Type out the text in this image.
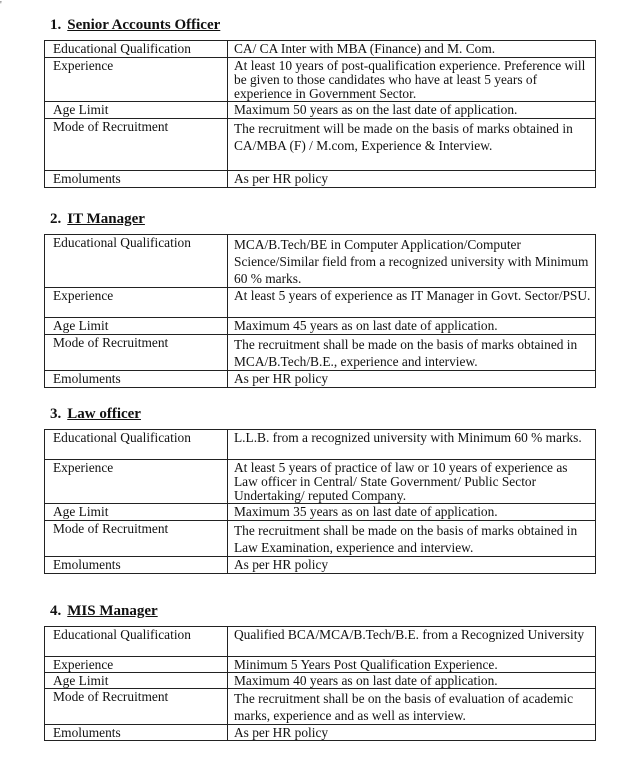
'
1. Senior Accounts Officer
Educational Qualification	CA/ CA Inter with MBA (Finance) and M. Com.
Experience	At least 10 years of post-qualification experience. Preference will be given to those candidates who have at least 5 years of experience in Government Sector.
Age Limit	Maximum 50 years as on the last date of application.
Mode of Recruitment	The recruitment will be made on the basis of marks obtained in CA/MBA (F) / M.com, Experience & Interview.
Emoluments	As per HR policy
2. IT Manager
Educational Qualification	MCA/B.Tech/BE in Computer Application/Computer Science/Similar field from a recognized university with Minimum 60 % marks.
Experience	At least 5 years of experience as IT Manager in Govt. Sector/PSU.
Age Limit	Maximum 45 years as on last date of application.
Mode of Recruitment	The recruitment shall be made on the basis of marks obtained in MCA/B.Tech/B.E., experience and interview.
Emoluments	As per HR policy
3. Law officer
Educational Qualification	L.L.B. from a recognized university with Minimum 60 % marks.
Experience	At least 5 years of practice of law or 10 years of experience as Law officer in Central/ State Government/ Public Sector Undertaking/ reputed Company.
Age Limit	Maximum 35 years as on last date of application.
Mode of Recruitment	The recruitment shall be made on the basis of marks obtained in Law Examination, experience and interview.
Emoluments	As per HR policy
4. MIS Manager
Educational Qualification	Qualified BCA/MCA/B.Tech/B.E. from a Recognized University
Experience	Minimum 5 Years Post Qualification Experience.
Age Limit	Maximum 40 years as on last date of application.
Mode of Recruitment	The recruitment shall be on the basis of evaluation of academic marks, experience and as well as interview.
Emoluments	As per HR policy
